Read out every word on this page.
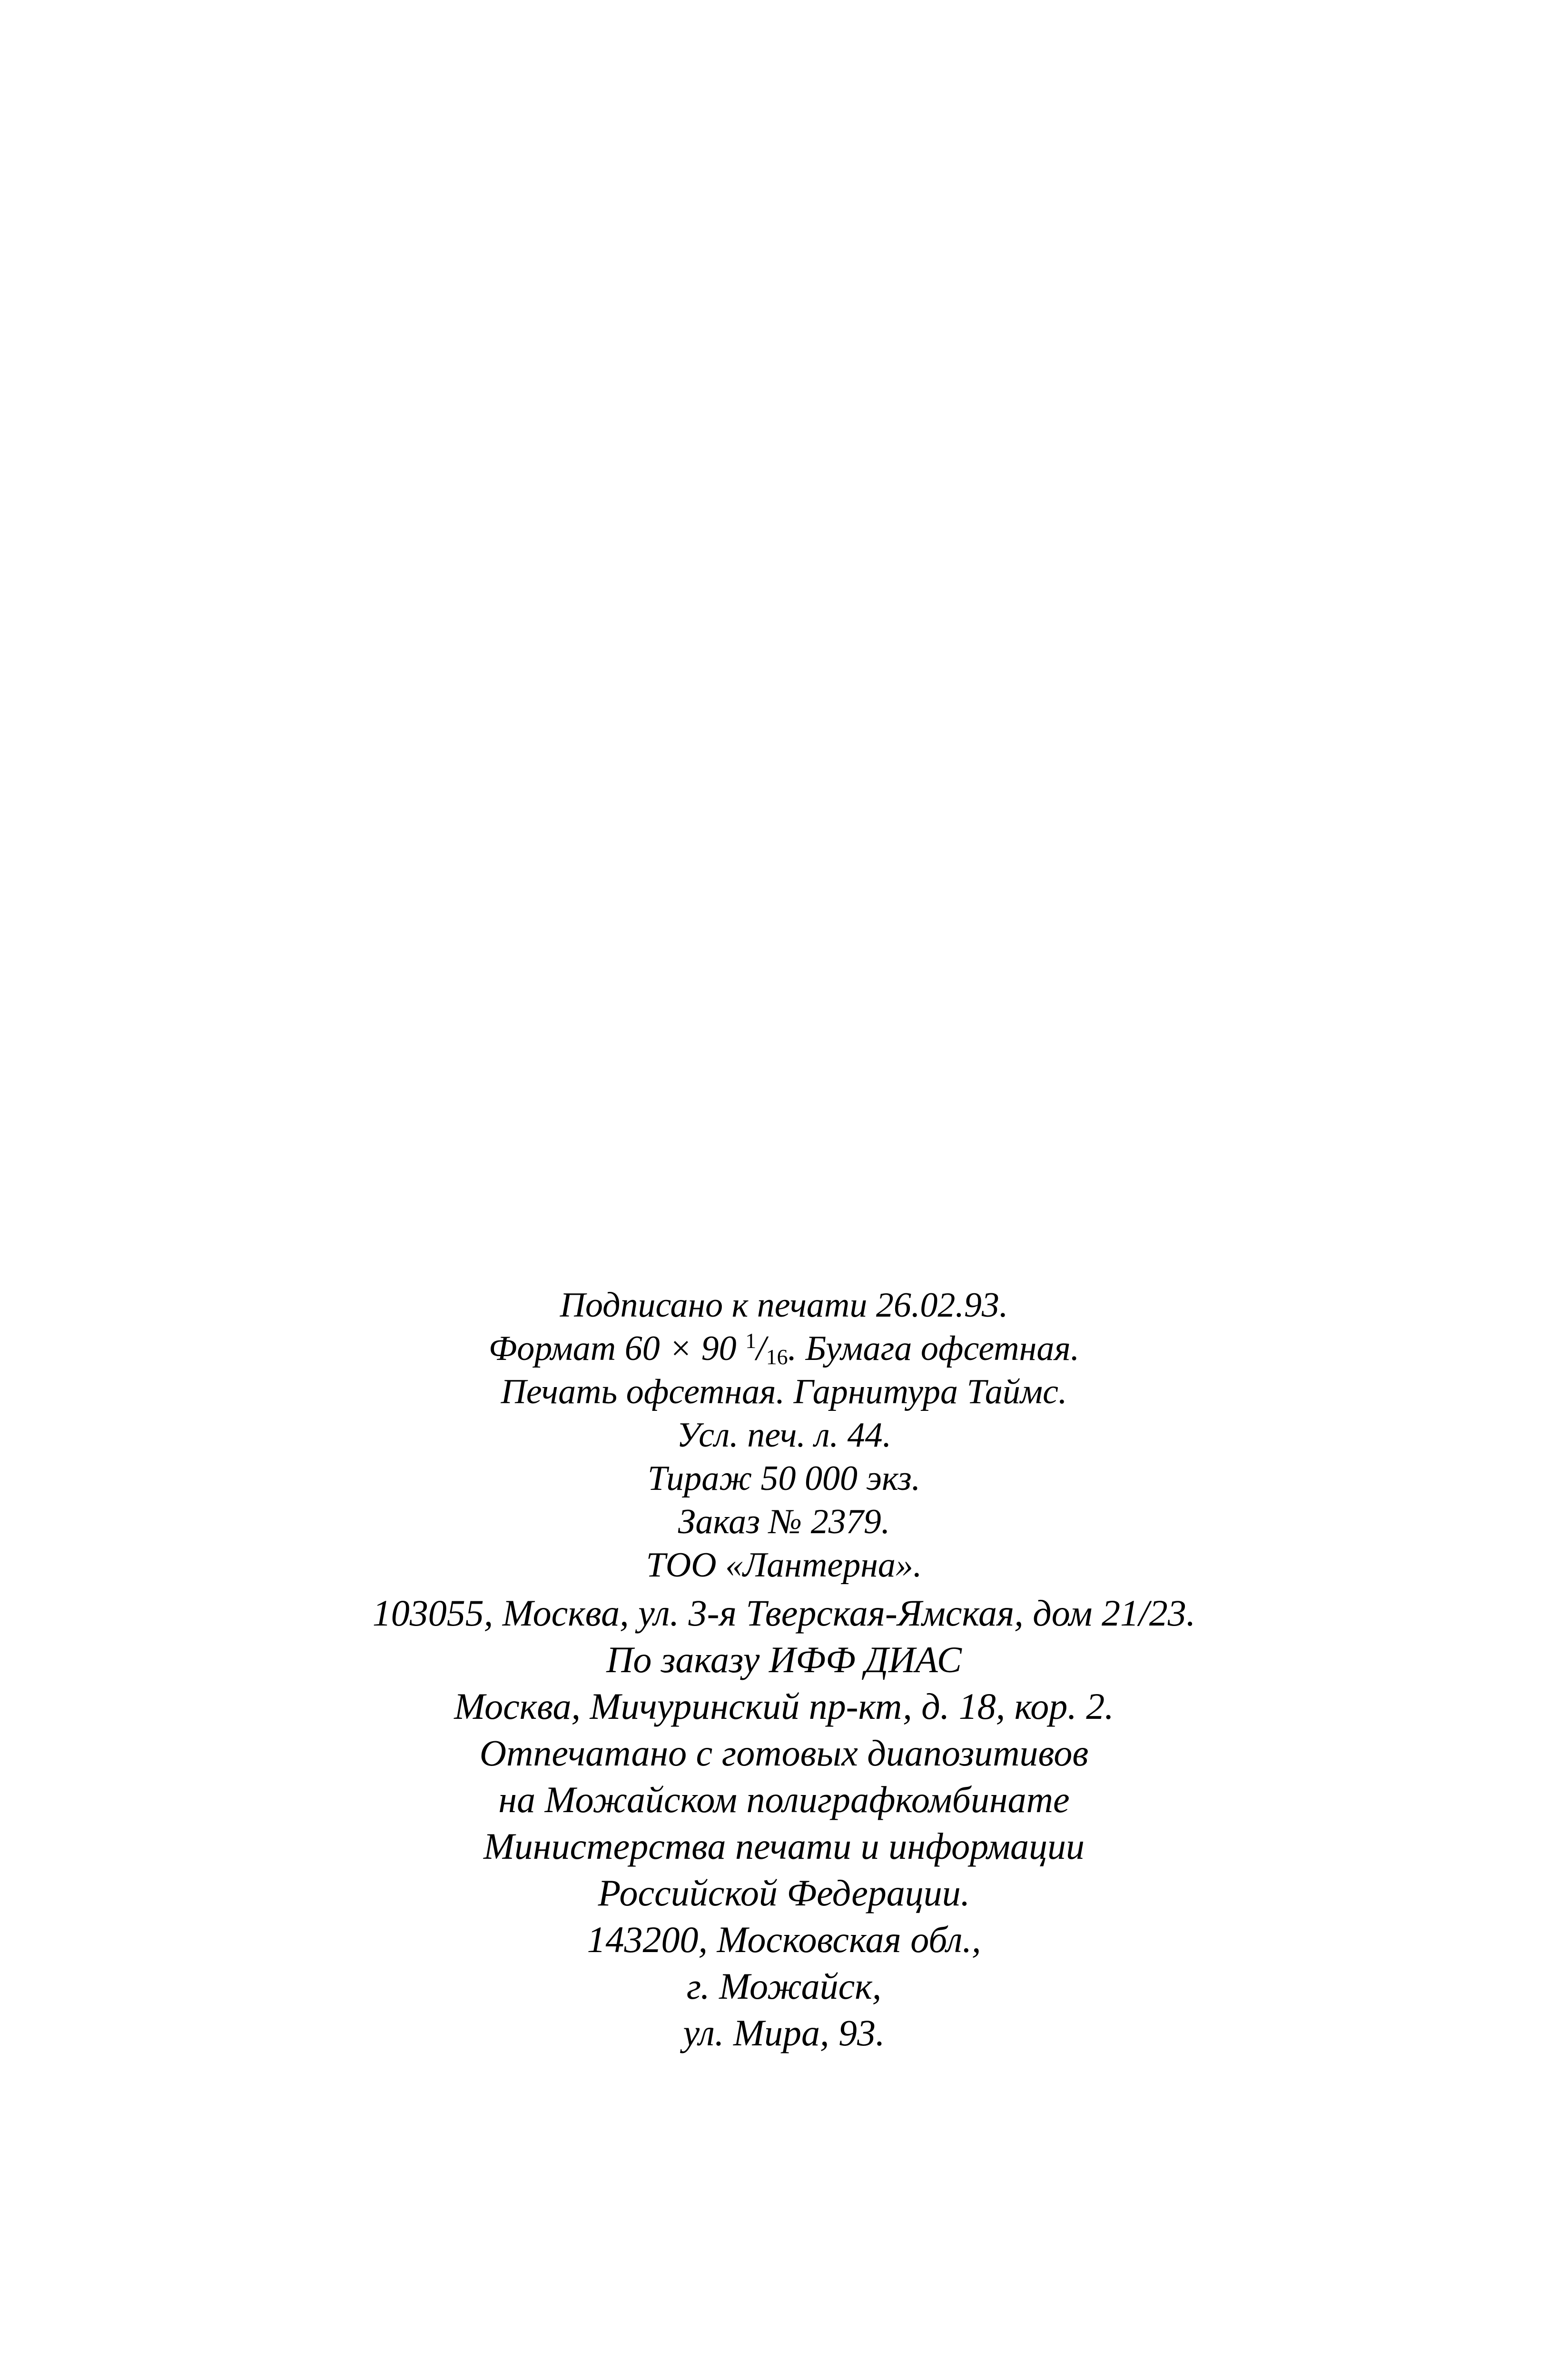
Подписано к печати 26.02.93.
Формат 60 × 90 $^1/_{16}$. Бумага офсетная.
Печать офсетная. Гарнитура Таймс.
Усл. печ. л. 44.
Тираж 50 000 экз.
Заказ № 2379.
ТОО «Лантерна».
103055, Москва, ул. 3-я Тверская-Ямская, дом 21/23.
По заказу ИФФ ДИАС
Москва, Мичуринский пр-кт, д. 18, кор. 2.
Отпечатано с готовых диапозитивов
на Можайском полиграфкомбинате
Министерства печати и информации
Российской Федерации.
143200, Московская обл.,
г. Можайск,
ул. Мира, 93.
